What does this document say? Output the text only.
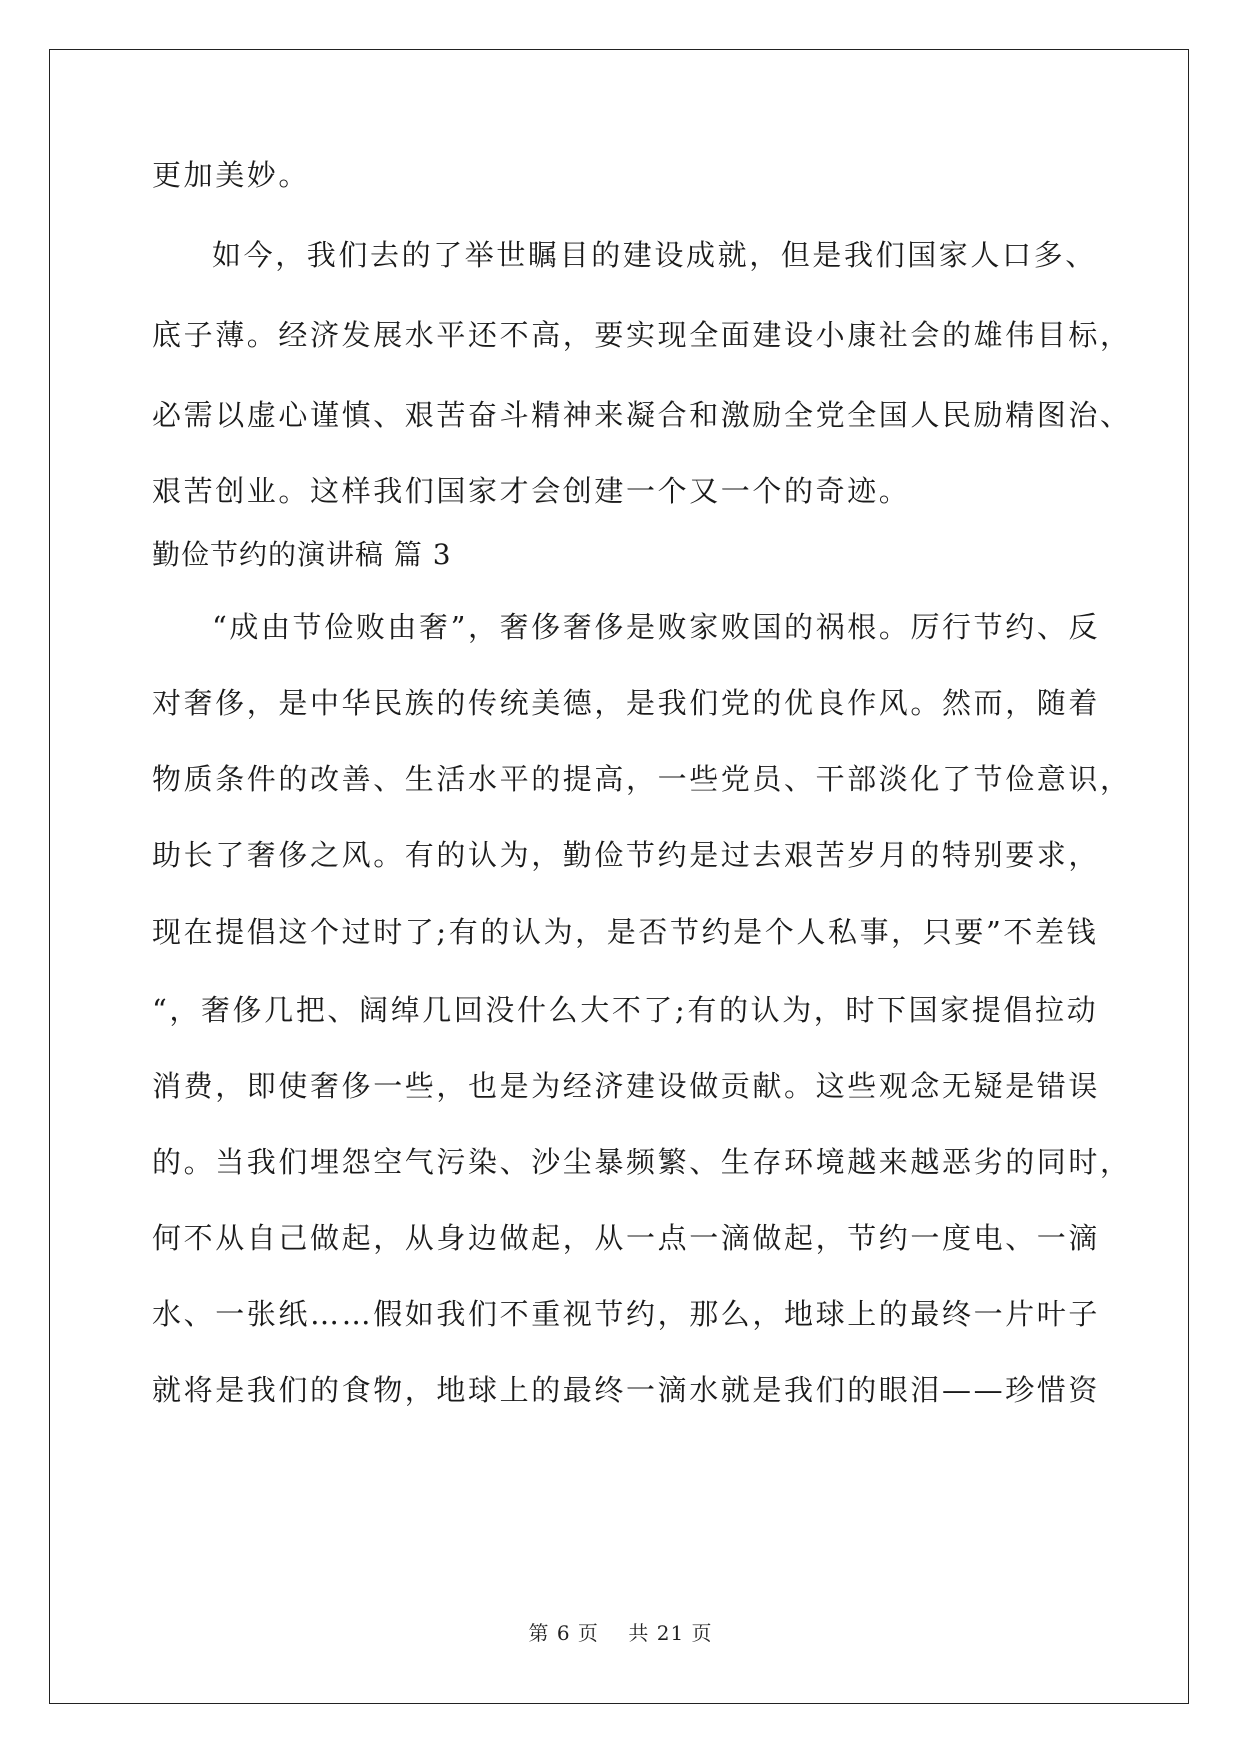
更加美妙。
如今，我们去的了举世瞩目的建设成就，但是我们国家人口多、
底子薄。经济发展水平还不高，要实现全面建设小康社会的雄伟目标，
必需以虚心谨慎、艰苦奋斗精神来凝合和激励全党全国人民励精图治、
艰苦创业。这样我们国家才会创建一个又一个的奇迹。
勤俭节约的演讲稿 篇 3
“成由节俭败由奢”，奢侈奢侈是败家败国的祸根。厉行节约、反
对奢侈，是中华民族的传统美德，是我们党的优良作风。然而，随着
物质条件的改善、生活水平的提高，一些党员、干部淡化了节俭意识，
助长了奢侈之风。有的认为，勤俭节约是过去艰苦岁月的特别要求，
现在提倡这个过时了;有的认为，是否节约是个人私事，只要”不差钱
“，奢侈几把、阔绰几回没什么大不了;有的认为，时下国家提倡拉动
消费，即使奢侈一些，也是为经济建设做贡献。这些观念无疑是错误
的。当我们埋怨空气污染、沙尘暴频繁、生存环境越来越恶劣的同时，
何不从自己做起，从身边做起，从一点一滴做起，节约一度电、一滴
水、一张纸……假如我们不重视节约，那么，地球上的最终一片叶子
就将是我们的食物，地球上的最终一滴水就是我们的眼泪——珍惜资
第 6 页 共 21 页
